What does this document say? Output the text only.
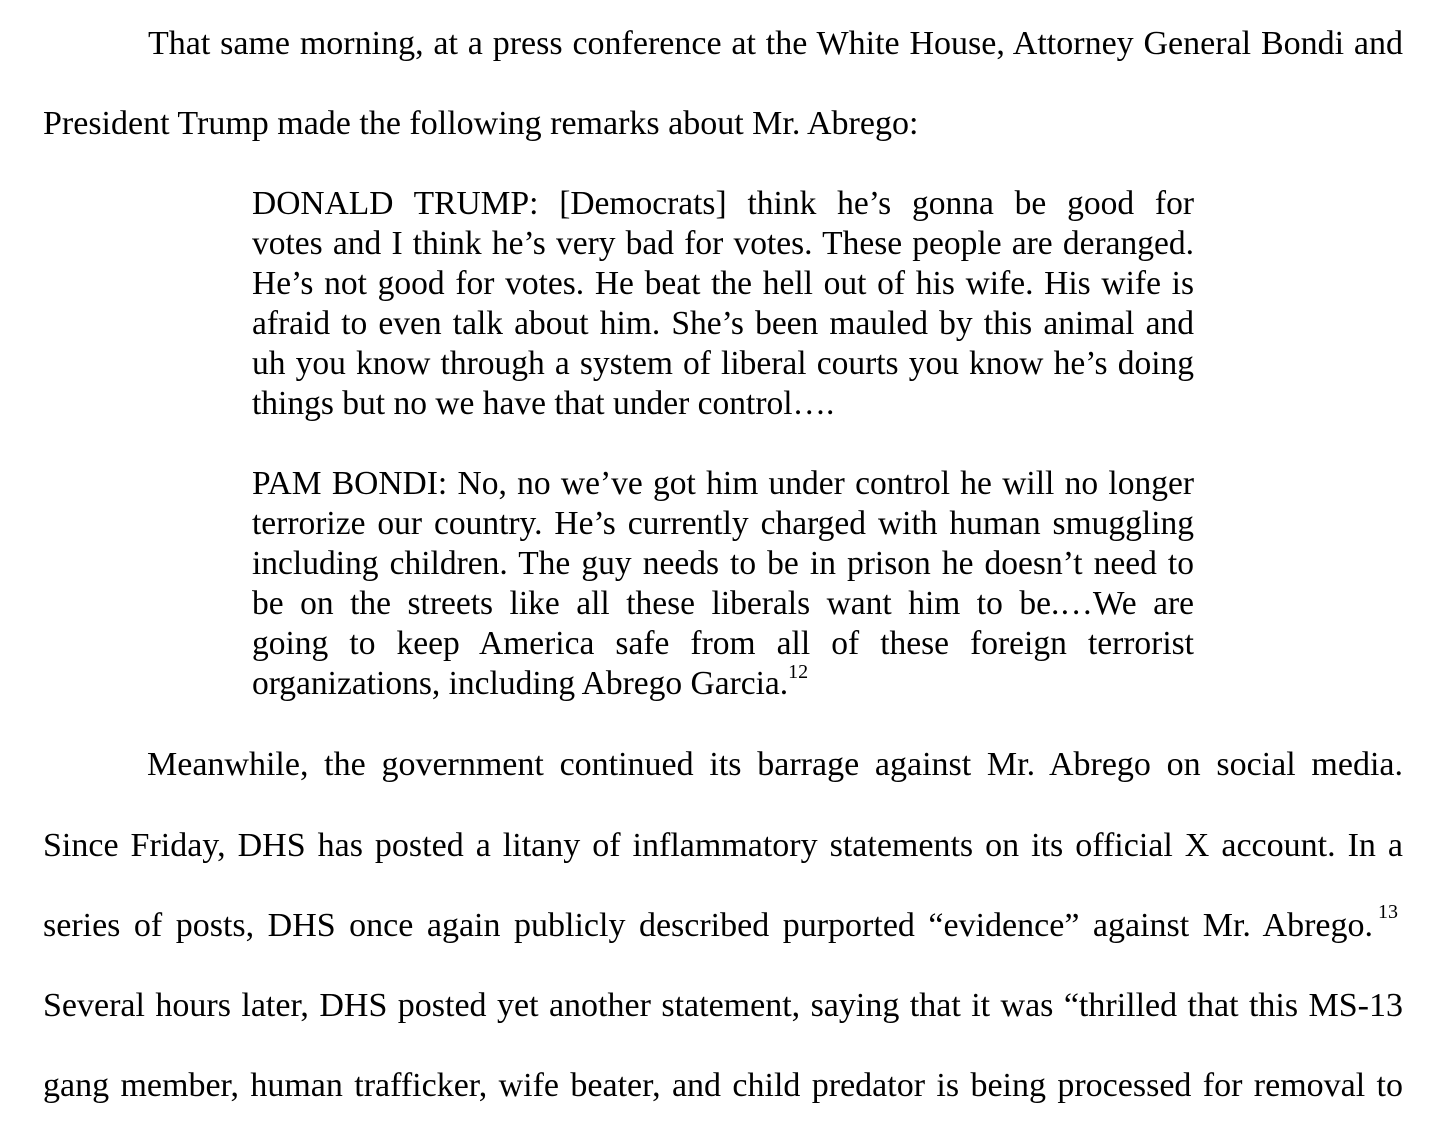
That same morning, at a press conference at the White House, Attorney General Bondi and

President Trump made the following remarks about Mr. Abrego:

DONALD TRUMP: [Democrats] think he’s gonna be good for

votes and I think he’s very bad for votes. These people are deranged.

He’s not good for votes. He beat the hell out of his wife. His wife is

afraid to even talk about him. She’s been mauled by this animal and

uh you know through a system of liberal courts you know he’s doing

things but no we have that under control….

PAM BONDI: No, no we’ve got him under control he will no longer

terrorize our country. He’s currently charged with human smuggling

including children. The guy needs to be in prison he doesn’t need to

be on the streets like all these liberals want him to be.…We are

going to keep America safe from all of these foreign terrorist

organizations, including Abrego Garcia.$^{12}$

Meanwhile, the government continued its barrage against Mr. Abrego on social media.

Since Friday, DHS has posted a litany of inflammatory statements on its official X account. In a

series of posts, DHS once again publicly described purported “evidence” against Mr. Abrego. 13

Several hours later, DHS posted yet another statement, saying that it was “thrilled that this MS-13

gang member, human trafficker, wife beater, and child predator is being processed for removal to
